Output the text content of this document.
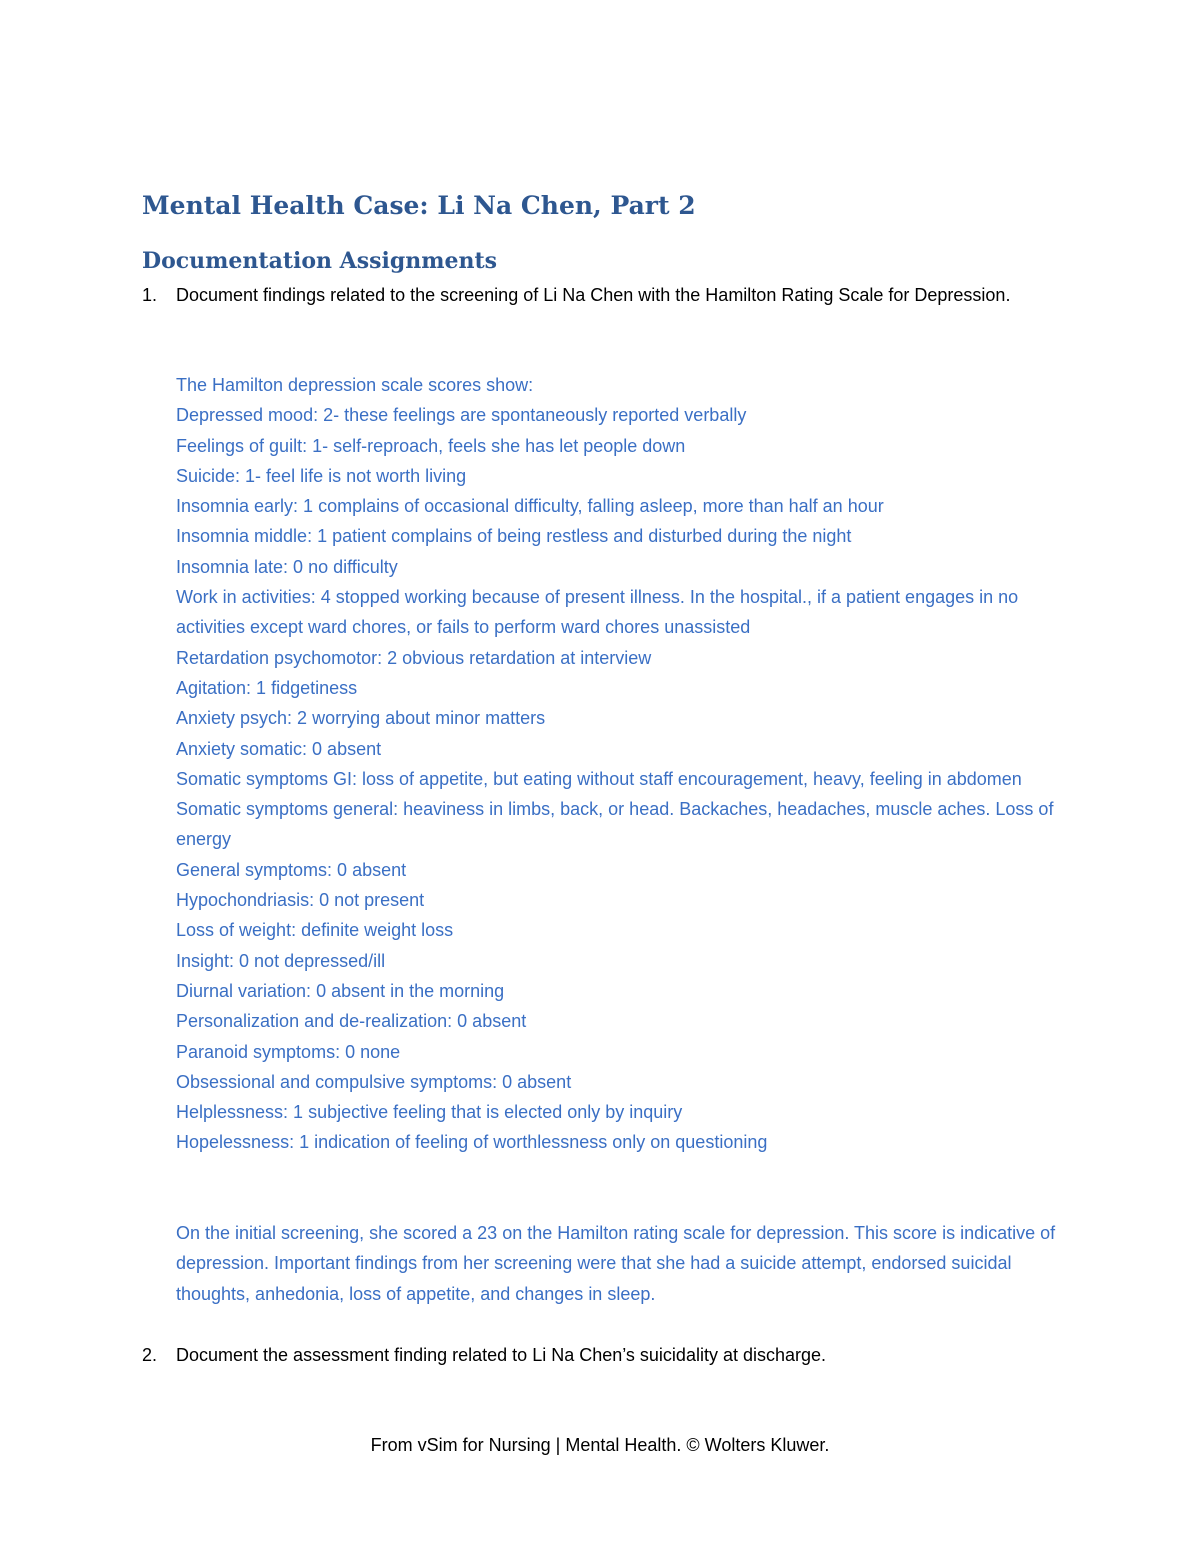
Mental Health Case: Li Na Chen, Part 2
Documentation Assignments
1.	Document findings related to the screening of Li Na Chen with the Hamilton Rating Scale for Depression.
The Hamilton depression scale scores show:
Depressed mood: 2- these feelings are spontaneously reported verbally
Feelings of guilt: 1- self-reproach, feels she has let people down
Suicide: 1- feel life is not worth living
Insomnia early: 1 complains of occasional difficulty, falling asleep, more than half an hour
Insomnia middle: 1 patient complains of being restless and disturbed during the night
Insomnia late: 0 no difficulty
Work in activities: 4 stopped working because of present illness. In the hospital., if a patient engages in no activities except ward chores, or fails to perform ward chores unassisted
Retardation psychomotor: 2 obvious retardation at interview
Agitation: 1 fidgetiness
Anxiety psych: 2 worrying about minor matters
Anxiety somatic: 0 absent
Somatic symptoms GI: loss of appetite, but eating without staff encouragement, heavy, feeling in abdomen
Somatic symptoms general: heaviness in limbs, back, or head. Backaches, headaches, muscle aches. Loss of energy
General symptoms: 0 absent
Hypochondriasis: 0 not present
Loss of weight: definite weight loss
Insight: 0 not depressed/ill
Diurnal variation: 0 absent in the morning
Personalization and de-realization: 0 absent
Paranoid symptoms: 0 none
Obsessional and compulsive symptoms: 0 absent
Helplessness: 1 subjective feeling that is elected only by inquiry
Hopelessness: 1 indication of feeling of worthlessness only on questioning
On the initial screening, she scored a 23 on the Hamilton rating scale for depression. This score is indicative of depression. Important findings from her screening were that she had a suicide attempt, endorsed suicidal thoughts, anhedonia, loss of appetite, and changes in sleep.
2.	Document the assessment finding related to Li Na Chen’s suicidality at discharge.
From vSim for Nursing | Mental Health. © Wolters Kluwer.
